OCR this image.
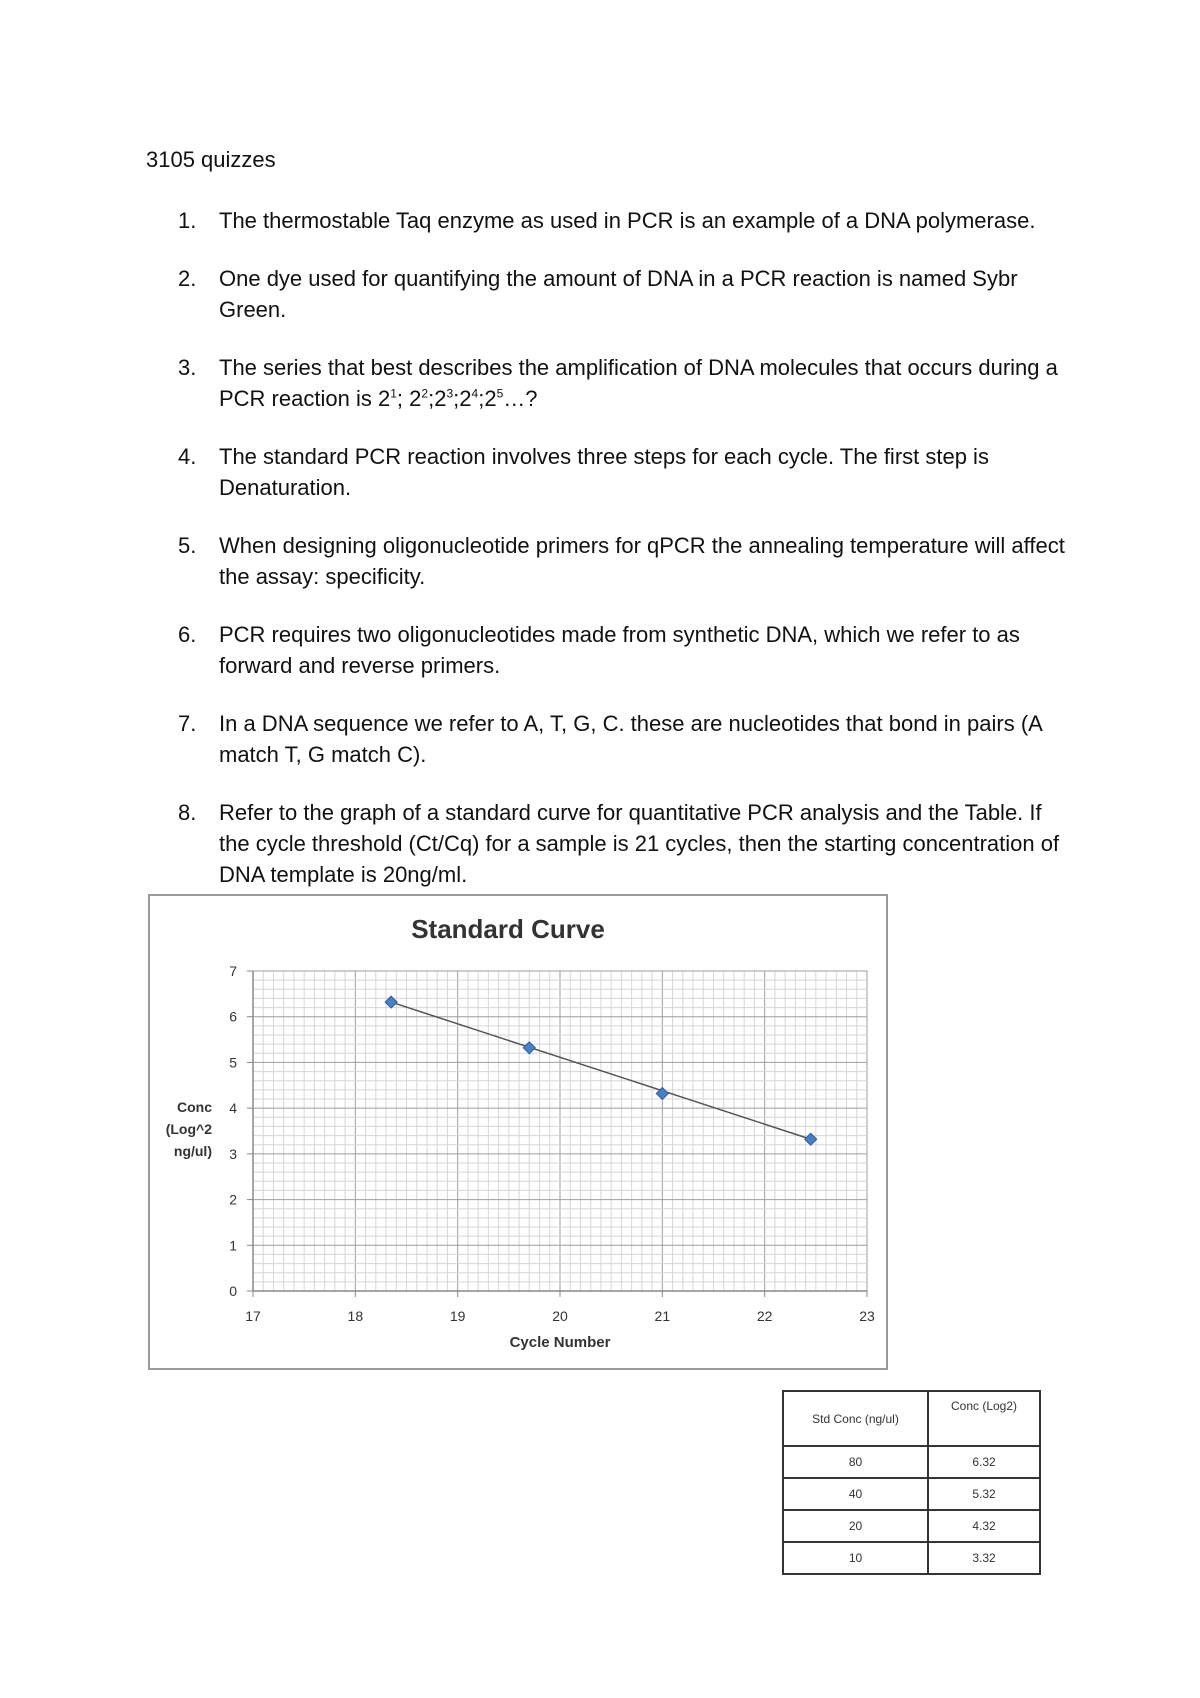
3105 quizzes
1. The thermostable Taq enzyme as used in PCR is an example of a DNA polymerase.
2. One dye used for quantifying the amount of DNA in a PCR reaction is named Sybr Green.
3. The series that best describes the amplification of DNA molecules that occurs during a PCR reaction is $2^1$; $2^2;2^3;2^4;2^5\dots$?
4. The standard PCR reaction involves three steps for each cycle. The first step is Denaturation.
5. When designing oligonucleotide primers for qPCR the annealing temperature will affect the assay: specificity.
6. PCR requires two oligonucleotides made from synthetic DNA, which we refer to as forward and reverse primers.
7. In a DNA sequence we refer to A, T, G, C. these are nucleotides that bond in pairs (A match T, G match C).
8. Refer to the graph of a standard curve for quantitative PCR analysis and the Table. If the cycle threshold (Ct/Cq) for a sample is 21 cycles, then the starting concentration of DNA template is 20ng/ml.
0
1
2
3
4
5
6
7
17	18	19	20	21	22	23
Standard Curve
Cycle Number
Conc
(Log^2
ng/ul)
Std Conc (ng/ul)	Conc (Log2)
80	6.32
40	5.32
20	4.32
10	3.32
